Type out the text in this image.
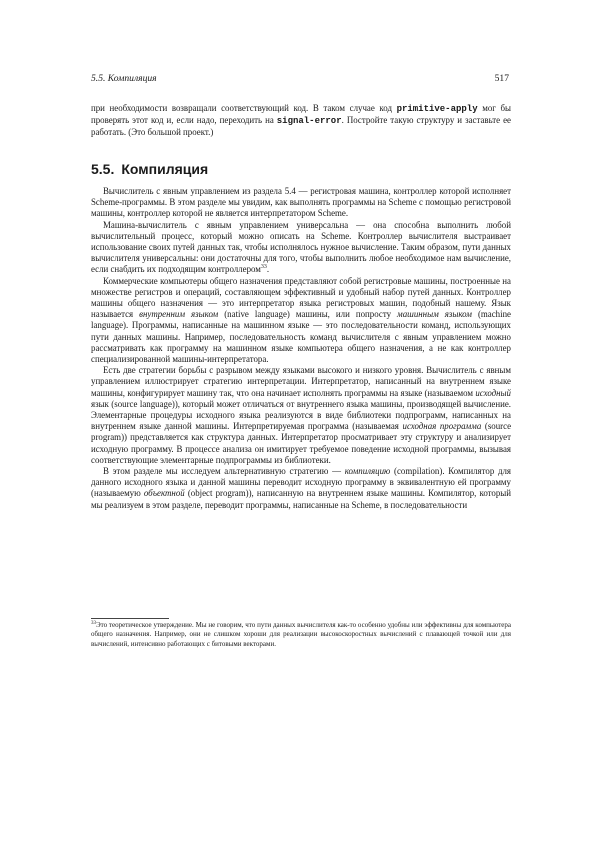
5.5. Компиляция	517

при необходимости возвращали соответствующий код. В таком случае код primitive-apply мог бы проверять этот код и, если надо, переходить на signal-error. Постройте такую структуру и заставьте ее работать. (Это большой проект.)

5.5. Компиляция

Вычислитель с явным управлением из раздела 5.4 — регистровая машина, контроллер которой исполняет Scheme-программы. В этом разделе мы увидим, как выполнять программы на Scheme с помощью регистровой машины, контроллер которой не является интерпретатором Scheme.

Машина-вычислитель с явным управлением универсальна — она способна выполнить любой вычислительный процесс, который можно описать на Scheme. Контроллер вычислителя выстраивает использование своих путей данных так, чтобы исполнялось нужное вычисление. Таким образом, пути данных вычислителя универсальны: они достаточны для того, чтобы выполнить любое необходимое нам вычисление, если снабдить их подходящим контроллером$^{33}$.

Коммерческие компьютеры общего назначения представляют собой регистровые машины, построенные на множестве регистров и операций, составляющем эффективный и удобный набор путей данных. Контроллер машины общего назначения — это интерпретатор языка регистровых машин, подобный нашему. Язык называется внутренним языком (native language) машины, или попросту машинным языком (machine language). Программы, написанные на машинном языке — это последовательности команд, использующих пути данных машины. Например, последовательность команд вычислителя с явным управлением можно рассматривать как программу на машинном языке компьютера общего назначения, а не как контроллер специализированной машины-интерпретатора.

Есть две стратегии борьбы с разрывом между языками высокого и низкого уровня. Вычислитель с явным управлением иллюстрирует стратегию интерпретации. Интерпретатор, написанный на внутреннем языке машины, конфигурирует машину так, что она начинает исполнять программы на языке (называемом исходный язык (source language)), который может отличаться от внутреннего языка машины, производящей вычисление. Элементарные процедуры исходного языка реализуются в виде библиотеки подпрограмм, написанных на внутреннем языке данной машины. Интерпретируемая программа (называемая исходная программа (source program)) представляется как структура данных. Интерпретатор просматривает эту структуру и анализирует исходную программу. В процессе анализа он имитирует требуемое поведение исходной программы, вызывая соответствующие элементарные подпрограммы из библиотеки.

В этом разделе мы исследуем альтернативную стратегию — компиляцию (compilation). Компилятор для данного исходного языка и данной машины переводит исходную программу в эквивалентную ей программу (называемую объектной (object program)), написанную на внутреннем языке машины. Компилятор, который мы реализуем в этом разделе, переводит программы, написанные на Scheme, в последовательности

$^{33}$Это теоретическое утверждение. Мы не говорим, что пути данных вычислителя как-то особенно удобны или эффективны для компьютера общего назначения. Например, они не слишком хороши для реализации высокоскоростных вычислений с плавающей точкой или для вычислений, интенсивно работающих с битовыми векторами.
